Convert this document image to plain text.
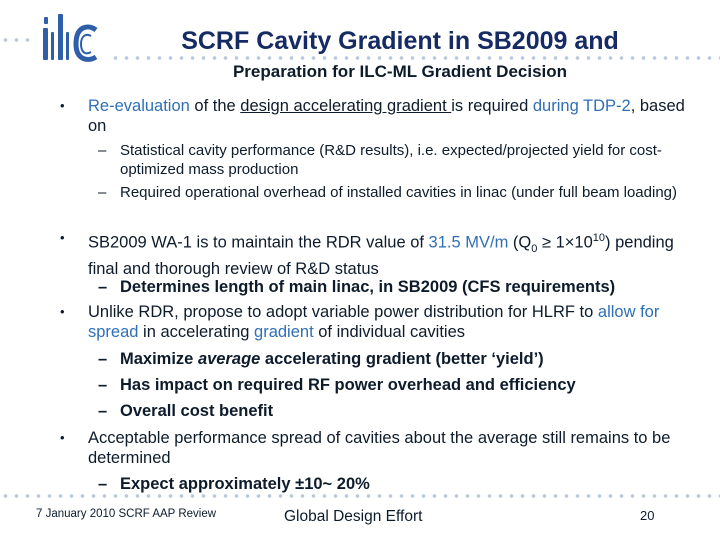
SCRF Cavity Gradient in SB2009 and
Preparation for ILC-ML Gradient Decision
• Re-evaluation of the design accelerating gradient is required during TDP-2, based on

– Statistical cavity performance (R&D results), i.e. expected/projected yield for cost-optimized mass production

– Required operational overhead of installed cavities in linac (under full beam loading)

• SB2009 WA-1 is to maintain the RDR value of 31.5 MV/m $(Q_0 \ge 1\times 10^{10})$ pending final and thorough review of R&D status

– Determines length of main linac, in SB2009 (CFS requirements)

• Unlike RDR, propose to adopt variable power distribution for HLRF to allow for spread in accelerating gradient of individual cavities

– Maximize average accelerating gradient (better ‘yield’)

– Has impact on required RF power overhead and efficiency

– Overall cost benefit

• Acceptable performance spread of cavities about the average still remains to be determined

– Expect approximately ±10~ 20%

7 January 2010 SCRF AAP Review	Global Design Effort	20
